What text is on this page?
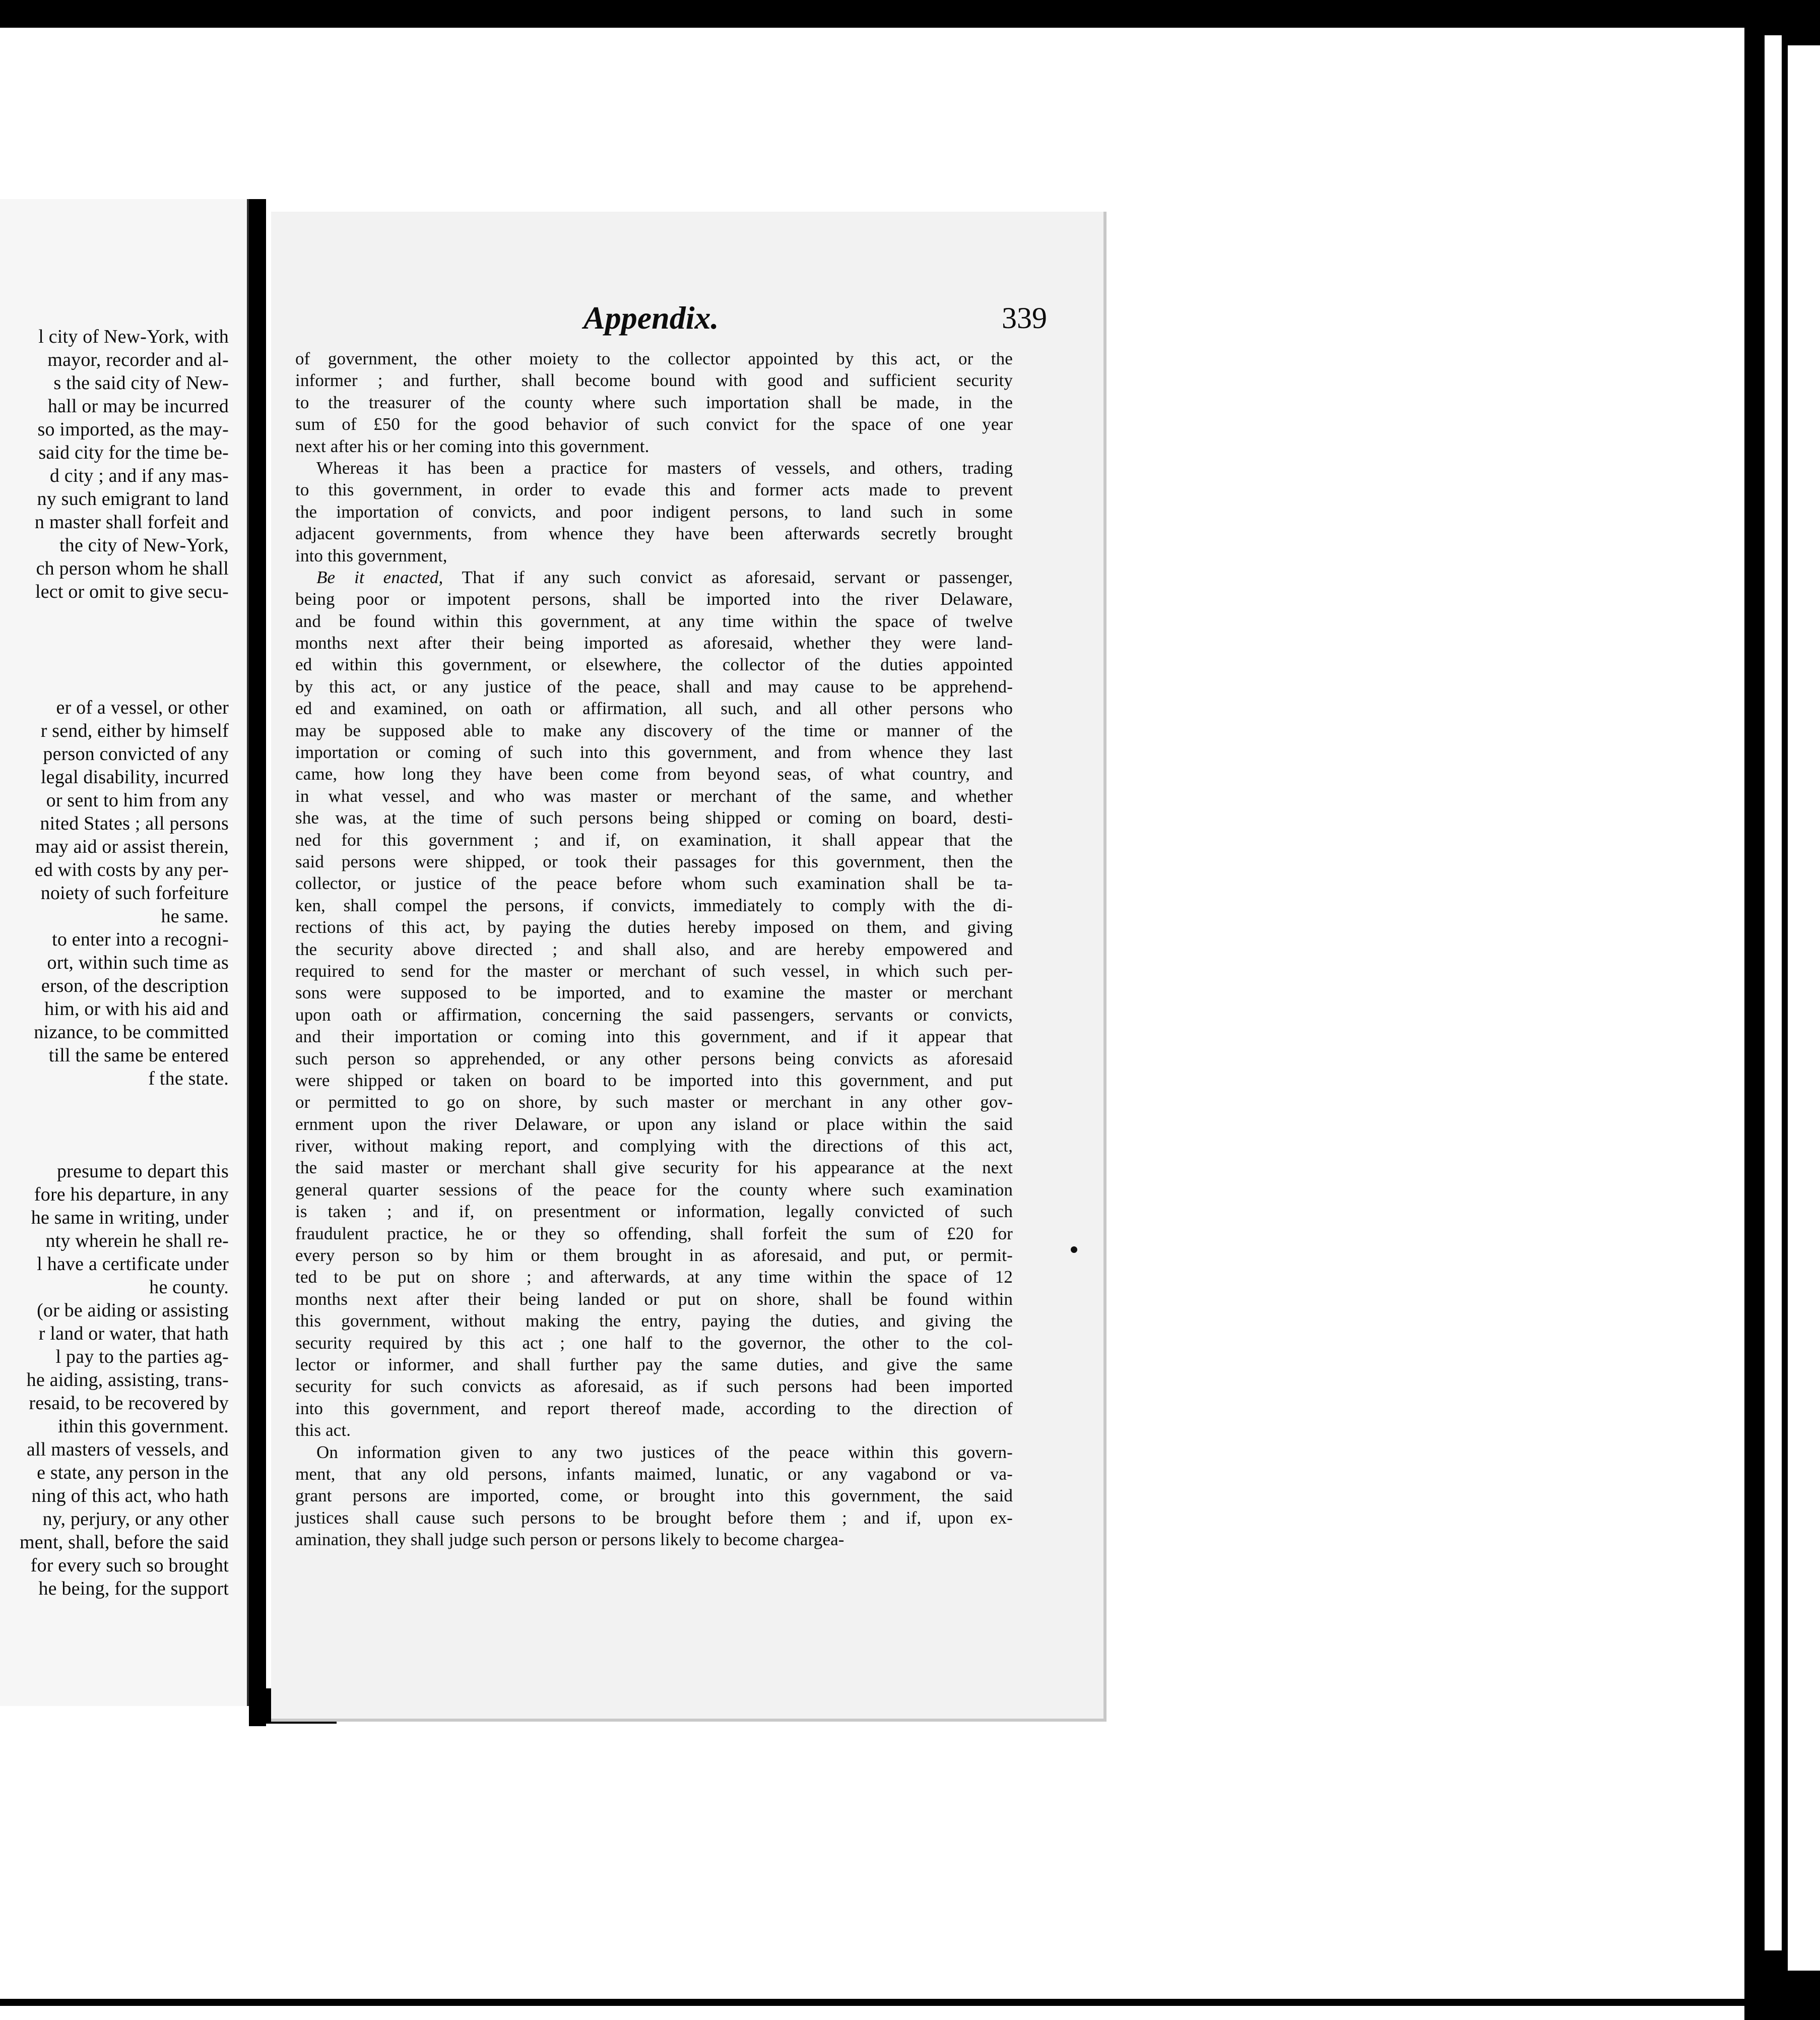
l city of New-York, with
mayor, recorder and al-
s the said city of New-
hall or may be incurred
so imported, as the may-
said city for the time be-
d city ; and if any mas-
ny such emigrant to land
n master shall forfeit and
the city of New-York,
ch person whom he shall
lect or omit to give secu-
er of a vessel, or other
r send, either by himself
person convicted of any
legal disability, incurred
or sent to him from any
nited States ; all persons
may aid or assist therein,
ed with costs by any per-
noiety of such forfeiture
he same.
to enter into a recogni-
ort, within such time as
erson, of the description
him, or with his aid and
nizance, to be committed
till the same be entered
f the state.
presume to depart this
fore his departure, in any
he same in writing, under
nty wherein he shall re-
l have a certificate under
he county.
(or be aiding or assisting
r land or water, that hath
l pay to the parties ag-
he aiding, assisting, trans-
resaid, to be recovered by
ithin this government.
all masters of vessels, and
e state, any person in the
ning of this act, who hath
ny, perjury, or any other
ment, shall, before the said
for every such so brought
he being, for the support
Appendix.	339
of government, the other moiety to the collector appointed by this act, or the
informer ; and further, shall become bound with good and sufficient security
to the treasurer of the county where such importation shall be made, in the
sum of £50 for the good behavior of such convict for the space of one year
next after his or her coming into this government.
Whereas it has been a practice for masters of vessels, and others, trading
to this government, in order to evade this and former acts made to prevent
the importation of convicts, and poor indigent persons, to land such in some
adjacent governments, from whence they have been afterwards secretly brought
into this government,
Be it enacted, That if any such convict as aforesaid, servant or passenger,
being poor or impotent persons, shall be imported into the river Delaware,
and be found within this government, at any time within the space of twelve
months next after their being imported as aforesaid, whether they were land-
ed within this government, or elsewhere, the collector of the duties appointed
by this act, or any justice of the peace, shall and may cause to be apprehend-
ed and examined, on oath or affirmation, all such, and all other persons who
may be supposed able to make any discovery of the time or manner of the
importation or coming of such into this government, and from whence they last
came, how long they have been come from beyond seas, of what country, and
in what vessel, and who was master or merchant of the same, and whether
she was, at the time of such persons being shipped or coming on board, desti-
ned for this government ; and if, on examination, it shall appear that the
said persons were shipped, or took their passages for this government, then the
collector, or justice of the peace before whom such examination shall be ta-
ken, shall compel the persons, if convicts, immediately to comply with the di-
rections of this act, by paying the duties hereby imposed on them, and giving
the security above directed ; and shall also, and are hereby empowered and
required to send for the master or merchant of such vessel, in which such per-
sons were supposed to be imported, and to examine the master or merchant
upon oath or affirmation, concerning the said passengers, servants or convicts,
and their importation or coming into this government, and if it appear that
such person so apprehended, or any other persons being convicts as aforesaid
were shipped or taken on board to be imported into this government, and put
or permitted to go on shore, by such master or merchant in any other gov-
ernment upon the river Delaware, or upon any island or place within the said
river, without making report, and complying with the directions of this act,
the said master or merchant shall give security for his appearance at the next
general quarter sessions of the peace for the county where such examination
is taken ; and if, on presentment or information, legally convicted of such
fraudulent practice, he or they so offending, shall forfeit the sum of £20 for
every person so by him or them brought in as aforesaid, and put, or permit-
ted to be put on shore ; and afterwards, at any time within the space of 12
months next after their being landed or put on shore, shall be found within
this government, without making the entry, paying the duties, and giving the
security required by this act ; one half to the governor, the other to the col-
lector or informer, and shall further pay the same duties, and give the same
security for such convicts as aforesaid, as if such persons had been imported
into this government, and report thereof made, according to the direction of
this act.
On information given to any two justices of the peace within this govern-
ment, that any old persons, infants maimed, lunatic, or any vagabond or va-
grant persons are imported, come, or brought into this government, the said
justices shall cause such persons to be brought before them ; and if, upon ex-
amination, they shall judge such person or persons likely to become chargea-
